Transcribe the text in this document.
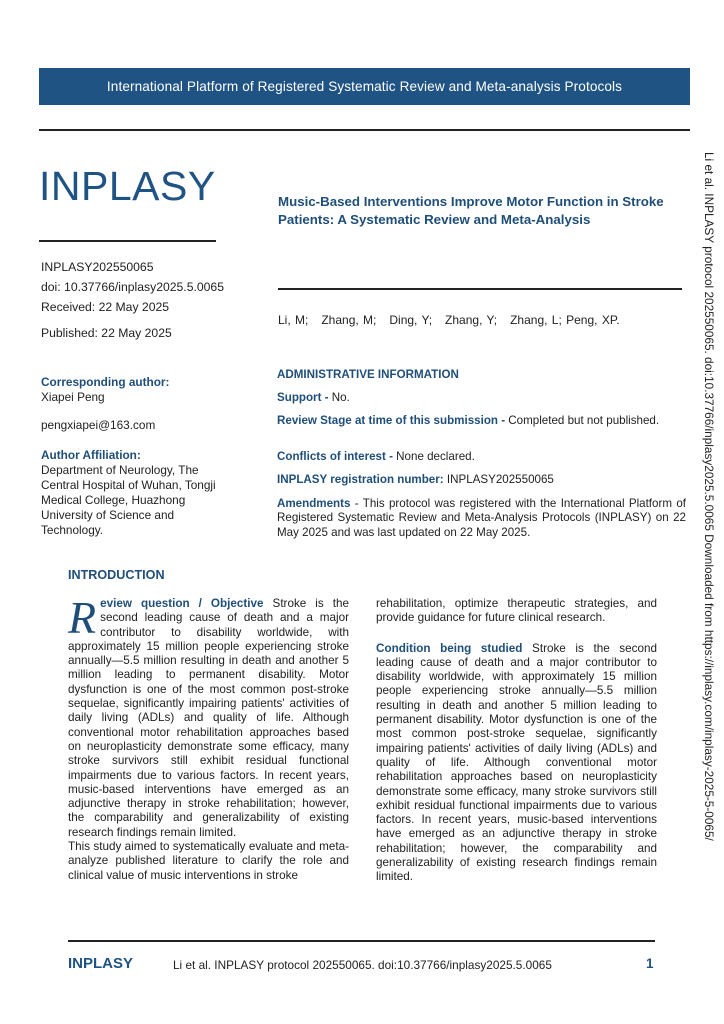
International Platform of Registered Systematic Review and Meta-analysis Protocols
INPLASY
INPLASY202550065
doi: 10.37766/inplasy2025.5.0065
Received: 22 May 2025
Published: 22 May 2025
Music-Based Interventions Improve Motor Function in Stroke Patients: A Systematic Review and Meta-Analysis
Li, M;   Zhang, M;   Ding, Y;   Zhang, Y;   Zhang, L; Peng, XP.
Corresponding author:
Xiapei Peng
pengxiapei@163.com
Author Affiliation:
Department of Neurology, The Central Hospital of Wuhan, Tongji Medical College, Huazhong University of Science and Technology.
ADMINISTRATIVE INFORMATION
Support - No.
Review Stage at time of this submission - Completed but not published.
Conflicts of interest - None declared.
INPLASY registration number: INPLASY202550065
Amendments - This protocol was registered with the International Platform of Registered Systematic Review and Meta-Analysis Protocols (INPLASY) on 22 May 2025 and was last updated on 22 May 2025.
INTRODUCTION
Review question / Objective Stroke is the second leading cause of death and a major contributor to disability worldwide, with approximately 15 million people experiencing stroke annually—5.5 million resulting in death and another 5 million leading to permanent disability. Motor dysfunction is one of the most common post-stroke sequelae, significantly impairing patients' activities of daily living (ADLs) and quality of life. Although conventional motor rehabilitation approaches based on neuroplasticity demonstrate some efficacy, many stroke survivors still exhibit residual functional impairments due to various factors. In recent years, music-based interventions have emerged as an adjunctive therapy in stroke rehabilitation; however, the comparability and generalizability of existing research findings remain limited.
This study aimed to systematically evaluate and meta-analyze published literature to clarify the role and clinical value of music interventions in stroke
rehabilitation, optimize therapeutic strategies, and provide guidance for future clinical research.
Condition being studied Stroke is the second leading cause of death and a major contributor to disability worldwide, with approximately 15 million people experiencing stroke annually—5.5 million resulting in death and another 5 million leading to permanent disability. Motor dysfunction is one of the most common post-stroke sequelae, significantly impairing patients' activities of daily living (ADLs) and quality of life. Although conventional motor rehabilitation approaches based on neuroplasticity demonstrate some efficacy, many stroke survivors still exhibit residual functional impairments due to various factors. In recent years, music-based interventions have emerged as an adjunctive therapy in stroke rehabilitation; however, the comparability and generalizability of existing research findings remain limited.
Li et al. INPLASY protocol 202550065. doi:10.37766/inplasy2025.5.0065 Downloaded from https://inplasy.com/inplasy-2025-5-0065/
INPLASY	Li et al. INPLASY protocol 202550065. doi:10.37766/inplasy2025.5.0065	1
